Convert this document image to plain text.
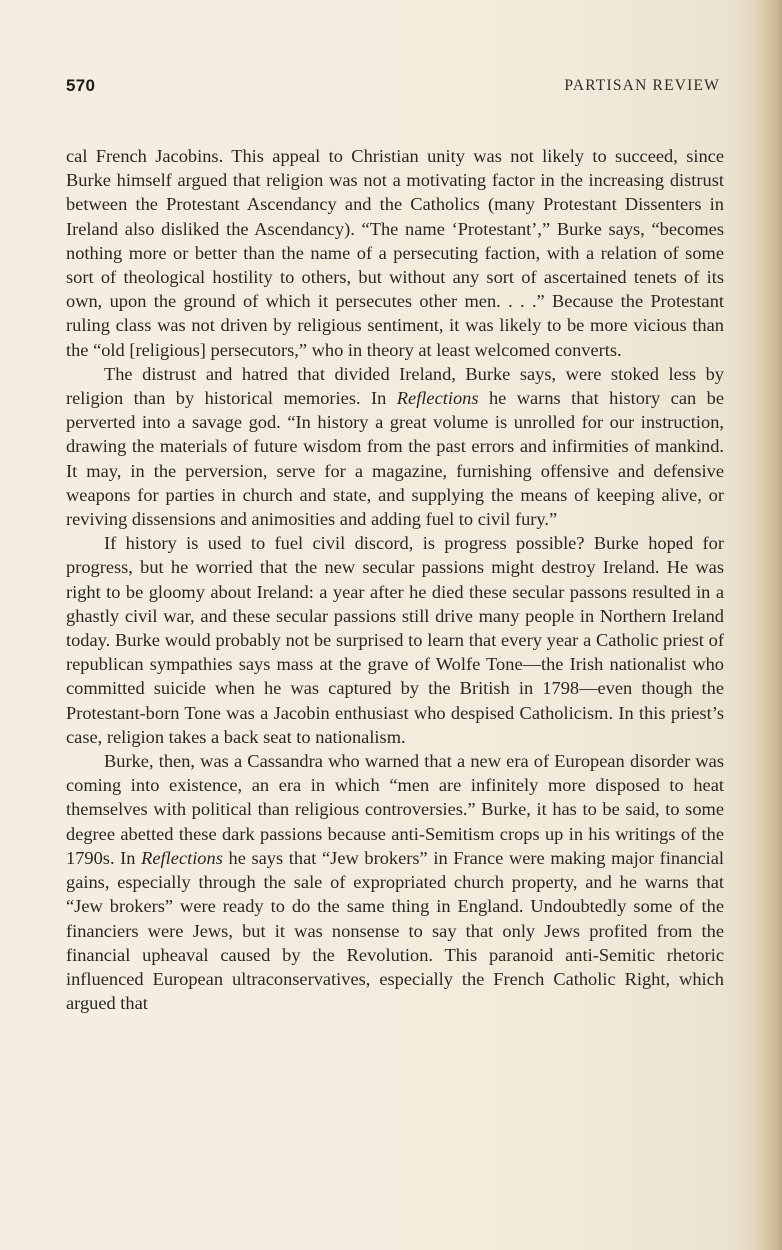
570	PARTISAN REVIEW

cal French Jacobins. This appeal to Christian unity was not likely to succeed, since Burke himself argued that religion was not a motivating factor in the increasing distrust between the Protestant Ascendancy and the Catholics (many Protestant Dissenters in Ireland also disliked the Ascendancy). “The name ‘Protestant’,” Burke says, “becomes nothing more or better than the name of a persecuting faction, with a relation of some sort of theological hostility to others, but without any sort of ascertained tenets of its own, upon the ground of which it persecutes other men. . . .” Because the Protestant ruling class was not driven by religious sentiment, it was likely to be more vicious than the “old [religious] persecutors,” who in theory at least welcomed converts.

The distrust and hatred that divided Ireland, Burke says, were stoked less by religion than by historical memories. In Reflections he warns that history can be perverted into a savage god. “In history a great volume is unrolled for our instruction, drawing the materials of future wisdom from the past errors and infirmities of mankind. It may, in the perversion, serve for a magazine, furnishing offensive and defensive weapons for parties in church and state, and supplying the means of keeping alive, or reviving dissensions and animosities and adding fuel to civil fury.”

If history is used to fuel civil discord, is progress possible? Burke hoped for progress, but he worried that the new secular passions might destroy Ireland. He was right to be gloomy about Ireland: a year after he died these secular passons resulted in a ghastly civil war, and these secular passions still drive many people in Northern Ireland today. Burke would probably not be surprised to learn that every year a Catholic priest of republican sympathies says mass at the grave of Wolfe Tone—the Irish nationalist who committed suicide when he was captured by the British in 1798—even though the Protestant-born Tone was a Jacobin enthusiast who despised Catholicism. In this priest’s case, religion takes a back seat to nationalism.

Burke, then, was a Cassandra who warned that a new era of European disorder was coming into existence, an era in which “men are infinitely more disposed to heat themselves with political than religious controversies.” Burke, it has to be said, to some degree abetted these dark passions because anti-Semitism crops up in his writings of the 1790s. In Reflections he says that “Jew brokers” in France were making major financial gains, especially through the sale of expropriated church property, and he warns that “Jew brokers” were ready to do the same thing in England. Undoubtedly some of the financiers were Jews, but it was nonsense to say that only Jews profited from the financial upheaval caused by the Revolution. This paranoid anti-Semitic rhetoric influenced European ultraconservatives, especially the French Catholic Right, which argued that
